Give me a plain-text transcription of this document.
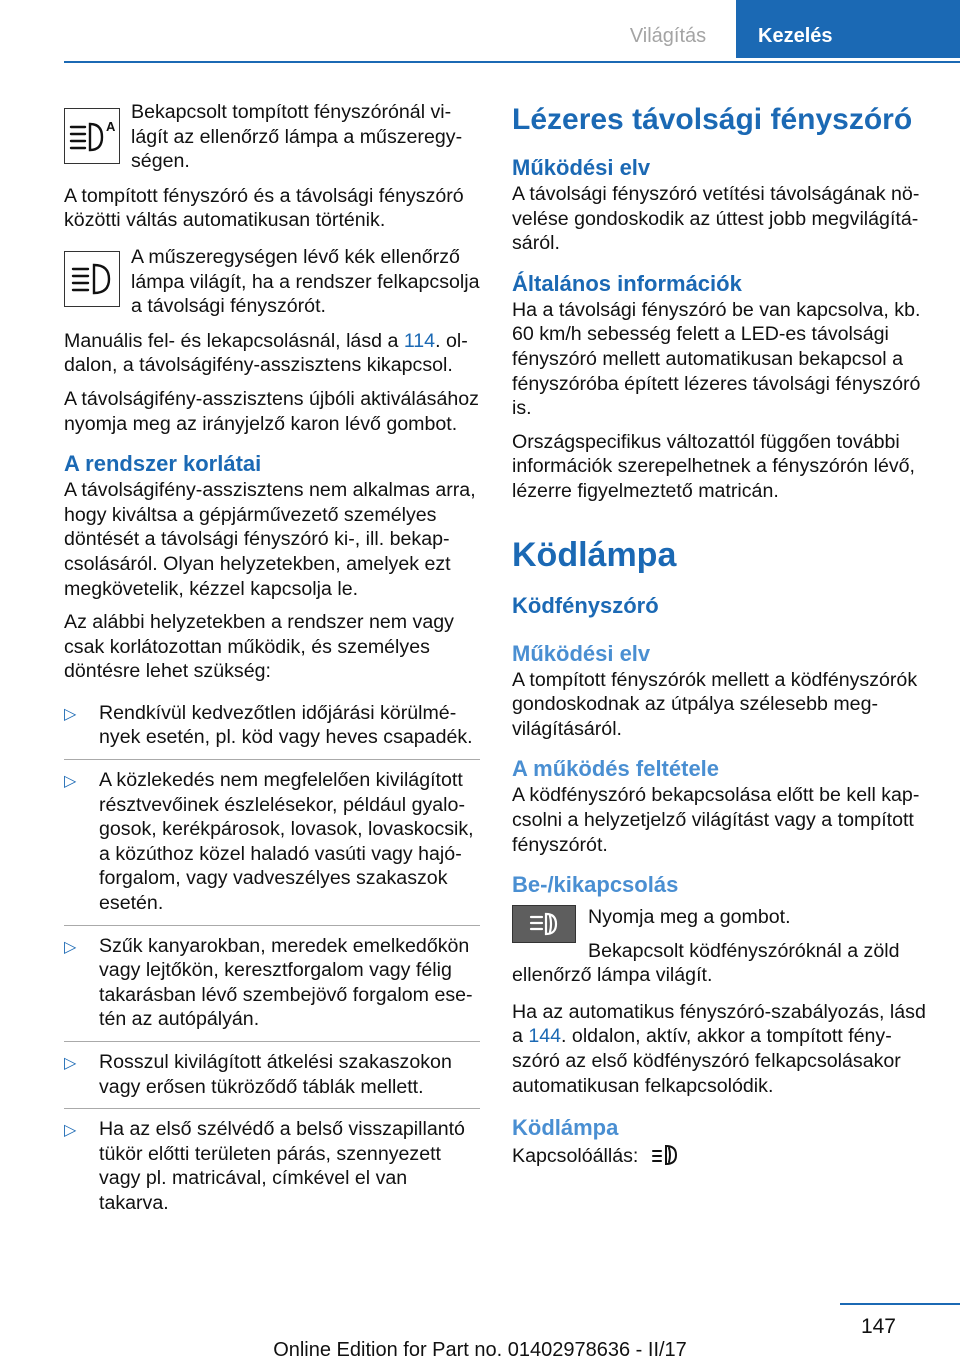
Világítás	Kezelés
A

Bekapcsolt tompított fényszórónál világít az ellenőrző lámpa a műszeregységen.

A tompított fényszóró és a távolsági fényszóró közötti váltás automatikusan történik.

A műszeregységen lévő kék ellenőrző lámpa világít, ha a rendszer felkapcsolja a távolsági fényszórót.

Manuális fel- és lekapcsolásnál, lásd a 114. oldalon, a távolságifény-asszisztens kikapcsol.

A távolságifény-asszisztens újbóli aktiválásához nyomja meg az irányjelző karon lévő gombot.

A rendszer korlátai

A távolságifény-asszisztens nem alkalmas arra, hogy kiváltsa a gépjárművezető személyes döntését a távolsági fényszóró ki-, ill. bekapcsolásáról. Olyan helyzetekben, amelyek ezt megkövetelik, kézzel kapcsolja le.

Az alábbi helyzetekben a rendszer nem vagy csak korlátozottan működik, és személyes döntésre lehet szükség:

▷ Rendkívül kedvezőtlen időjárási körülmények esetén, pl. köd vagy heves csapadék.
▷ A közlekedés nem megfelelően kivilágított résztvevőinek észlelésekor, például gyalogosok, kerékpárosok, lovasok, lovaskocsik, a közúthoz közel haladó vasúti vagy hajóforgalom, vagy vadveszélyes szakaszok esetén.
▷ Szűk kanyarokban, meredek emelkedőkön vagy lejtőkön, keresztforgalom vagy félig takarásban lévő szembejövő forgalom esetén az autópályán.
▷ Rosszul kivilágított átkelési szakaszokon vagy erősen tükröződő táblák mellett.
▷ Ha az első szélvédő a belső visszapillantó tükör előtti területen párás, szennyezett vagy pl. matricával, címkével el van takarva.
Lézeres távolsági fényszóró
Működési elv

A távolsági fényszóró vetítési távolságának növelése gondoskodik az úttest jobb megvilágításáról.

Általános információk

Ha a távolsági fényszóró be van kapcsolva, kb. 60 km/h sebesség felett a LED-es távolsági fényszóró mellett automatikusan bekapcsol a fényszóróba épített lézeres távolsági fényszóró is.

Országspecifikus változattól függően további információk szerepelhetnek a fényszórón lévő, lézerre figyelmeztető matricán.

Ködlámpa
Ködfényszóró
Működési elv

A tompított fényszórók mellett a ködfényszórók gondoskodnak az útpálya szélesebb megvilágításáról.

A működés feltétele

A ködfényszóró bekapcsolása előtt be kell kapcsolni a helyzetjelző világítást vagy a tompított fényszórót.

Be-/kikapcsolás

Nyomja meg a gombot.

Bekapcsolt ködfényszóróknál a zöld ellenőrző lámpa világít.

Ha az automatikus fényszóró-szabályozás, lásd a 144. oldalon, aktív, akkor a tompított fényszóró az első ködfényszóró felkapcsolásakor automatikusan felkapcsolódik.

Ködlámpa

Kapcsolóállás:

147
Online Edition for Part no. 01402978636 - II/17
